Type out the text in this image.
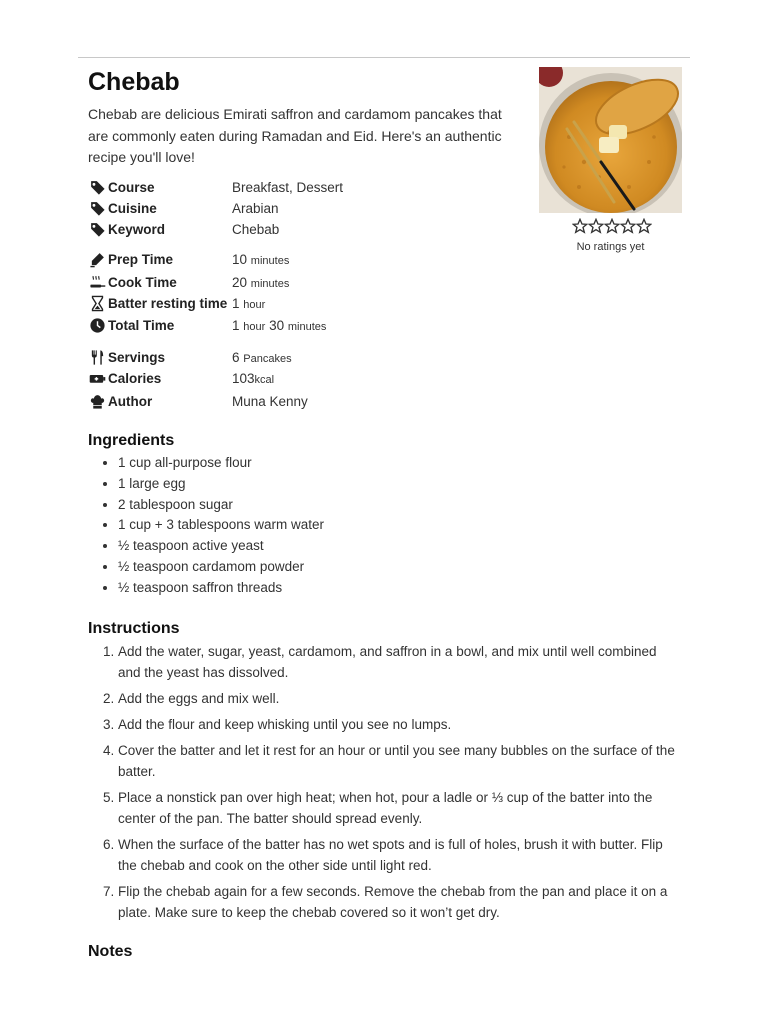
Chebab

Chebab are delicious Emirati saffron and cardamom pancakes that are commonly eaten during Ramadan and Eid. Here's an authentic recipe you'll love!

No ratings yet
Course	Breakfast, Dessert
Cuisine	Arabian
Keyword	Chebab
Prep Time	10 minutes
Cook Time	20 minutes
Batter resting time 1 hour
Total Time	1 hour 30 minutes
Servings	6 Pancakes
Calories	103kcal
Author	Muna Kenny
Ingredients
• 1 cup all-purpose flour
• 1 large egg
• 2 tablespoon sugar
• 1 cup + 3 tablespoons warm water
• ½ teaspoon active yeast
• ½ teaspoon cardamom powder
• ½ teaspoon saffron threads
Instructions
1. Add the water, sugar, yeast, cardamom, and saffron in a bowl, and mix until well combined and the yeast has dissolved.
2. Add the eggs and mix well.
3. Add the flour and keep whisking until you see no lumps.
4. Cover the batter and let it rest for an hour or until you see many bubbles on the surface of the batter.
5. Place a nonstick pan over high heat; when hot, pour a ladle or ⅓ cup of the batter into the center of the pan. The batter should spread evenly.
6. When the surface of the batter has no wet spots and is full of holes, brush it with butter. Flip the chebab and cook on the other side until light red.
7. Flip the chebab again for a few seconds. Remove the chebab from the pan and place it on a plate. Make sure to keep the chebab covered so it won’t get dry.
Notes
